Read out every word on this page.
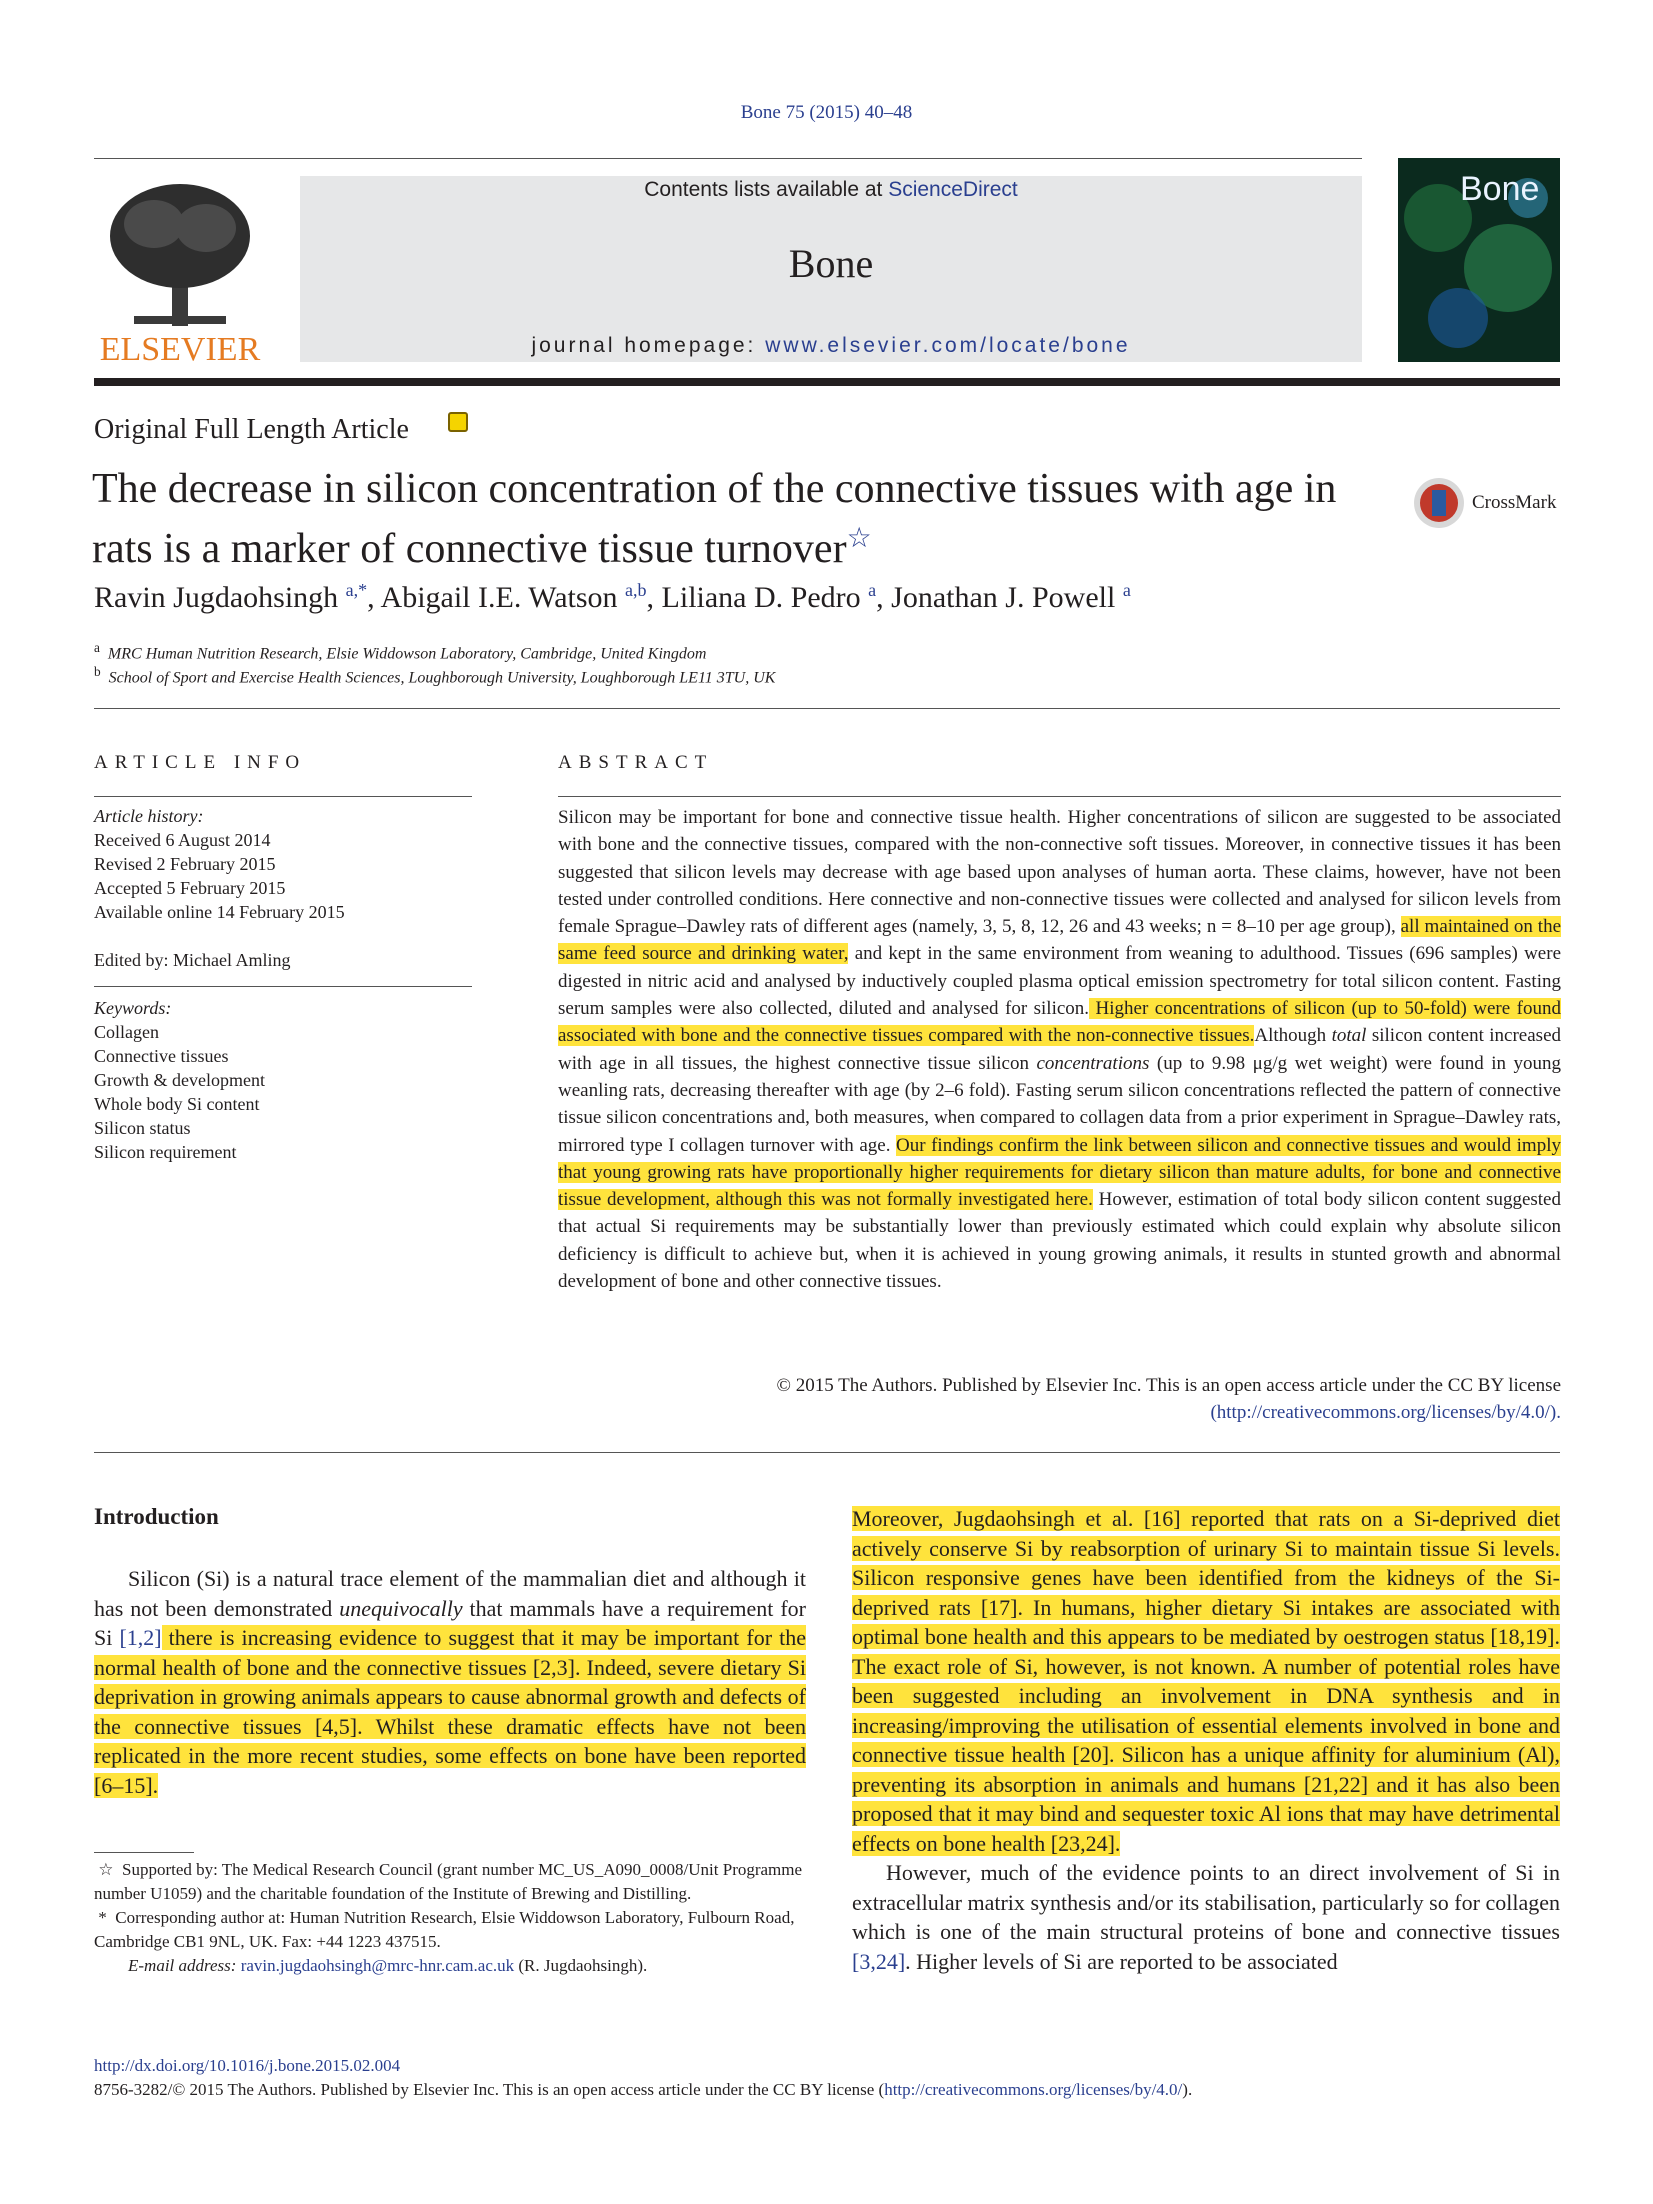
Bone 75 (2015) 40–48
ELSEVIER
Contents lists available at ScienceDirect
Bone
journal homepage: www.elsevier.com/locate/bone
Bone
Original Full Length Article
The decrease in silicon concentration of the connective tissues with age in rats is a marker of connective tissue turnover☆
CrossMark
Ravin Jugdaohsingh $^{a,*}$, Abigail I.E. Watson $^{a,b}$, Liliana D. Pedro $^a$, Jonathan J. Powell $^a$
$^a$ MRC Human Nutrition Research, Elsie Widdowson Laboratory, Cambridge, United Kingdom
$^b$ School of Sport and Exercise Health Sciences, Loughborough University, Loughborough LE11 3TU, UK
ARTICLE INFO
Article history:
Received 6 August 2014
Revised 2 February 2015
Accepted 5 February 2015
Available online 14 February 2015
Edited by: Michael Amling
Keywords:
Collagen
Connective tissues
Growth & development
Whole body Si content
Silicon status
Silicon requirement
ABSTRACT
Silicon may be important for bone and connective tissue health. Higher concentrations of silicon are suggested to be associated with bone and the connective tissues, compared with the non-connective soft tissues. Moreover, in connective tissues it has been suggested that silicon levels may decrease with age based upon analyses of human aorta. These claims, however, have not been tested under controlled conditions. Here connective and non-connective tissues were collected and analysed for silicon levels from female Sprague–Dawley rats of different ages (namely, 3, 5, 8, 12, 26 and 43 weeks; n = 8–10 per age group), all maintained on the same feed source and drinking water, and kept in the same environment from weaning to adulthood. Tissues (696 samples) were digested in nitric acid and analysed by inductively coupled plasma optical emission spectrometry for total silicon content. Fasting serum samples were also collected, diluted and analysed for silicon. Higher concentrations of silicon (up to 50-fold) were found associated with bone and the connective tissues compared with the non-connective tissues.Although total silicon content increased with age in all tissues, the highest connective tissue silicon concentrations (up to 9.98 μg/g wet weight) were found in young weanling rats, decreasing thereafter with age (by 2–6 fold). Fasting serum silicon concentrations reflected the pattern of connective tissue silicon concentrations and, both measures, when compared to collagen data from a prior experiment in Sprague–Dawley rats, mirrored type I collagen turnover with age. Our findings confirm the link between silicon and connective tissues and would imply that young growing rats have proportionally higher requirements for dietary silicon than mature adults, for bone and connective tissue development, although this was not formally investigated here. However, estimation of total body silicon content suggested that actual Si requirements may be substantially lower than previously estimated which could explain why absolute silicon deficiency is difficult to achieve but, when it is achieved in young growing animals, it results in stunted growth and abnormal development of bone and other connective tissues.
© 2015 The Authors. Published by Elsevier Inc. This is an open access article under the CC BY license
(http://creativecommons.org/licenses/by/4.0/).
Introduction

Silicon (Si) is a natural trace element of the mammalian diet and although it has not been demonstrated unequivocally that mammals have a requirement for Si [1,2] there is increasing evidence to suggest that it may be important for the normal health of bone and the connective tissues [2,3]. Indeed, severe dietary Si deprivation in growing animals appears to cause abnormal growth and defects of the connective tissues [4,5]. Whilst these dramatic effects have not been replicated in the more recent studies, some effects on bone have been reported [6–15].

Moreover, Jugdaohsingh et al. [16] reported that rats on a Si-deprived diet actively conserve Si by reabsorption of urinary Si to maintain tissue Si levels. Silicon responsive genes have been identified from the kidneys of the Si-deprived rats [17]. In humans, higher dietary Si intakes are associated with optimal bone health and this appears to be mediated by oestrogen status [18,19]. The exact role of Si, however, is not known. A number of potential roles have been suggested including an involvement in DNA synthesis and in increasing/improving the utilisation of essential elements involved in bone and connective tissue health [20]. Silicon has a unique affinity for aluminium (Al), preventing its absorption in animals and humans [21,22] and it has also been proposed that it may bind and sequester toxic Al ions that may have detrimental effects on bone health [23,24].

However, much of the evidence points to an direct involvement of Si in extracellular matrix synthesis and/or its stabilisation, particularly so for collagen which is one of the main structural proteins of bone and connective tissues [3,24]. Higher levels of Si are reported to be associated

☆ Supported by: The Medical Research Council (grant number MC_US_A090_0008/Unit Programme number U1059) and the charitable foundation of the Institute of Brewing and Distilling.

* Corresponding author at: Human Nutrition Research, Elsie Widdowson Laboratory, Fulbourn Road, Cambridge CB1 9NL, UK. Fax: +44 1223 437515.

E-mail address: ravin.jugdaohsingh@mrc-hnr.cam.ac.uk (R. Jugdaohsingh).

http://dx.doi.org/10.1016/j.bone.2015.02.004
8756-3282/© 2015 The Authors. Published by Elsevier Inc. This is an open access article under the CC BY license (http://creativecommons.org/licenses/by/4.0/).
